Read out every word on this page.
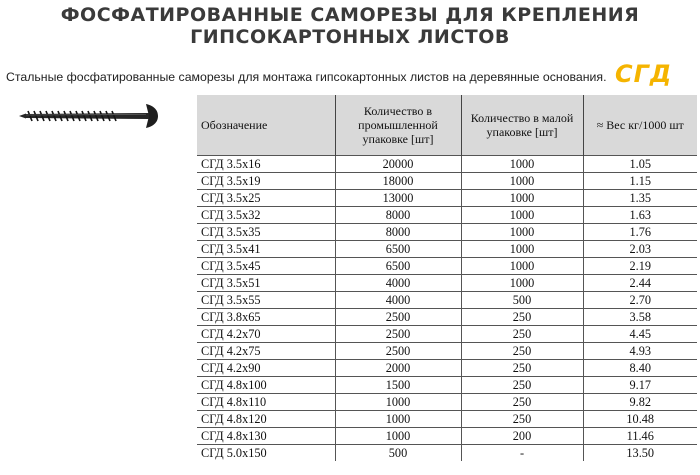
ФОСФАТИРОВАННЫЕ САМОРЕЗЫ ДЛЯ КРЕПЛЕНИЯ
ГИПСОКАРТОННЫХ ЛИСТОВ
Стальные фосфатированные саморезы для монтажа гипсокартонных листов на деревянные основания. СГД
Обозначение	Количество в промышленной упаковке [шт]	Количество в малой упаковке [шт]	≈ Вес кг/1000 шт
СГД 3.5х16	20000	1000	1.05
СГД 3.5х19	18000	1000	1.15
СГД 3.5х25	13000	1000	1.35
СГД 3.5х32	8000	1000	1.63
СГД 3.5х35	8000	1000	1.76
СГД 3.5х41	6500	1000	2.03
СГД 3.5х45	6500	1000	2.19
СГД 3.5х51	4000	1000	2.44
СГД 3.5х55	4000	500	2.70
СГД 3.8х65	2500	250	3.58
СГД 4.2х70	2500	250	4.45
СГД 4.2х75	2500	250	4.93
СГД 4.2х90	2000	250	8.40
СГД 4.8х100	1500	250	9.17
СГД 4.8х110	1000	250	9.82
СГД 4.8х120	1000	250	10.48
СГД 4.8х130	1000	200	11.46
СГД 5.0х150	500	-	13.50
